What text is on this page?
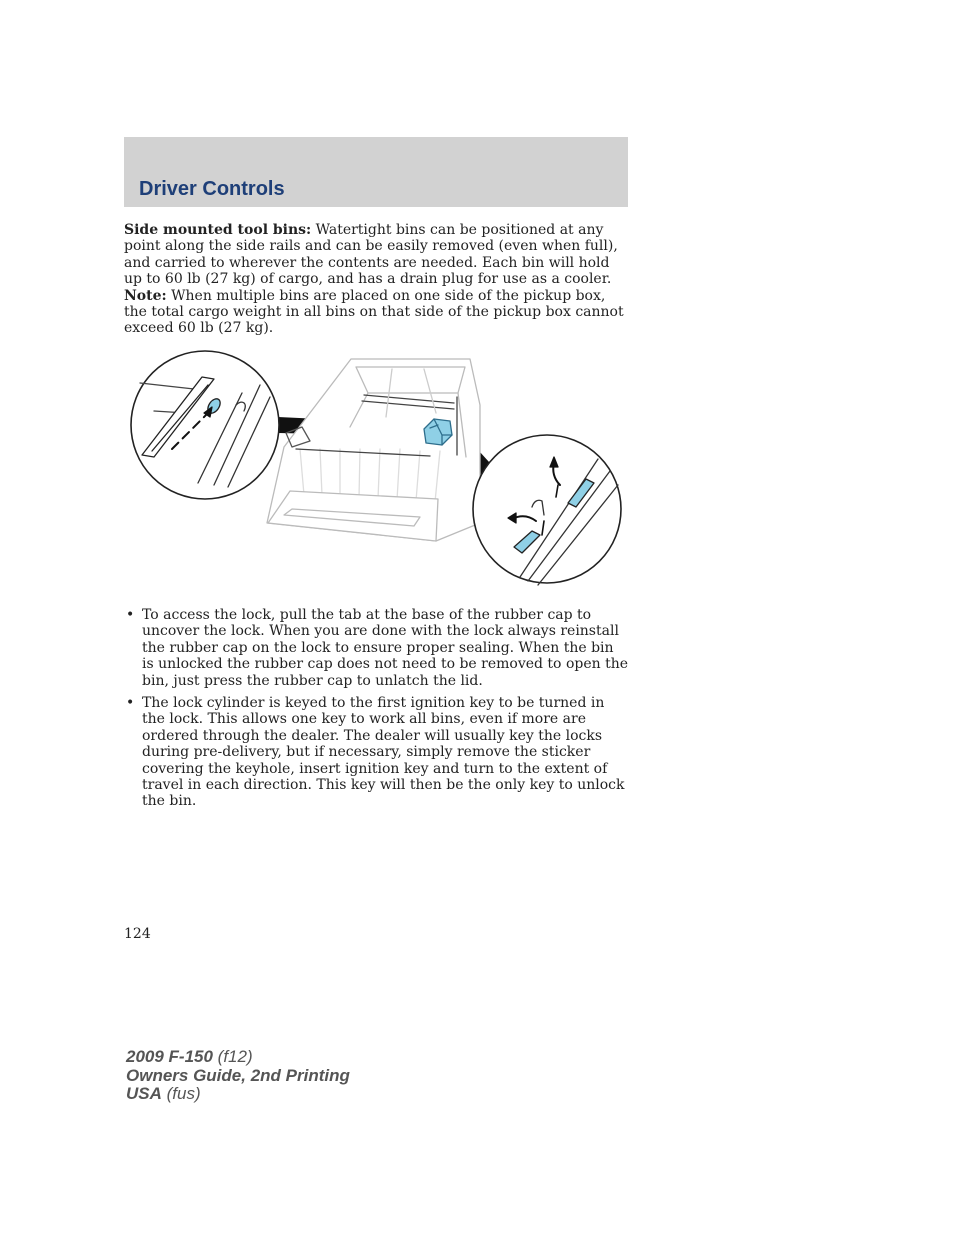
Driver Controls

Side mounted tool bins: Watertight bins can be positioned at any point along the side rails and can be easily removed (even when full), and carried to wherever the contents are needed. Each bin will hold up to 60 lb (27 kg) of cargo, and has a drain plug for use as a cooler. Note: When multiple bins are placed on one side of the pickup box, the total cargo weight in all bins on that side of the pickup box cannot exceed 60 lb (27 kg).

• To access the lock, pull the tab at the base of the rubber cap to uncover the lock. When you are done with the lock always reinstall the rubber cap on the lock to ensure proper sealing. When the bin is unlocked the rubber cap does not need to be removed to open the bin, just press the rubber cap to unlatch the lid.
• The lock cylinder is keyed to the first ignition key to be turned in the lock. This allows one key to work all bins, even if more are ordered through the dealer. The dealer will usually key the locks during pre-delivery, but if necessary, simply remove the sticker covering the keyhole, insert ignition key and turn to the extent of travel in each direction. This key will then be the only key to unlock the bin.
124
2009 F-150 (f12)
Owners Guide, 2nd Printing
USA (fus)
